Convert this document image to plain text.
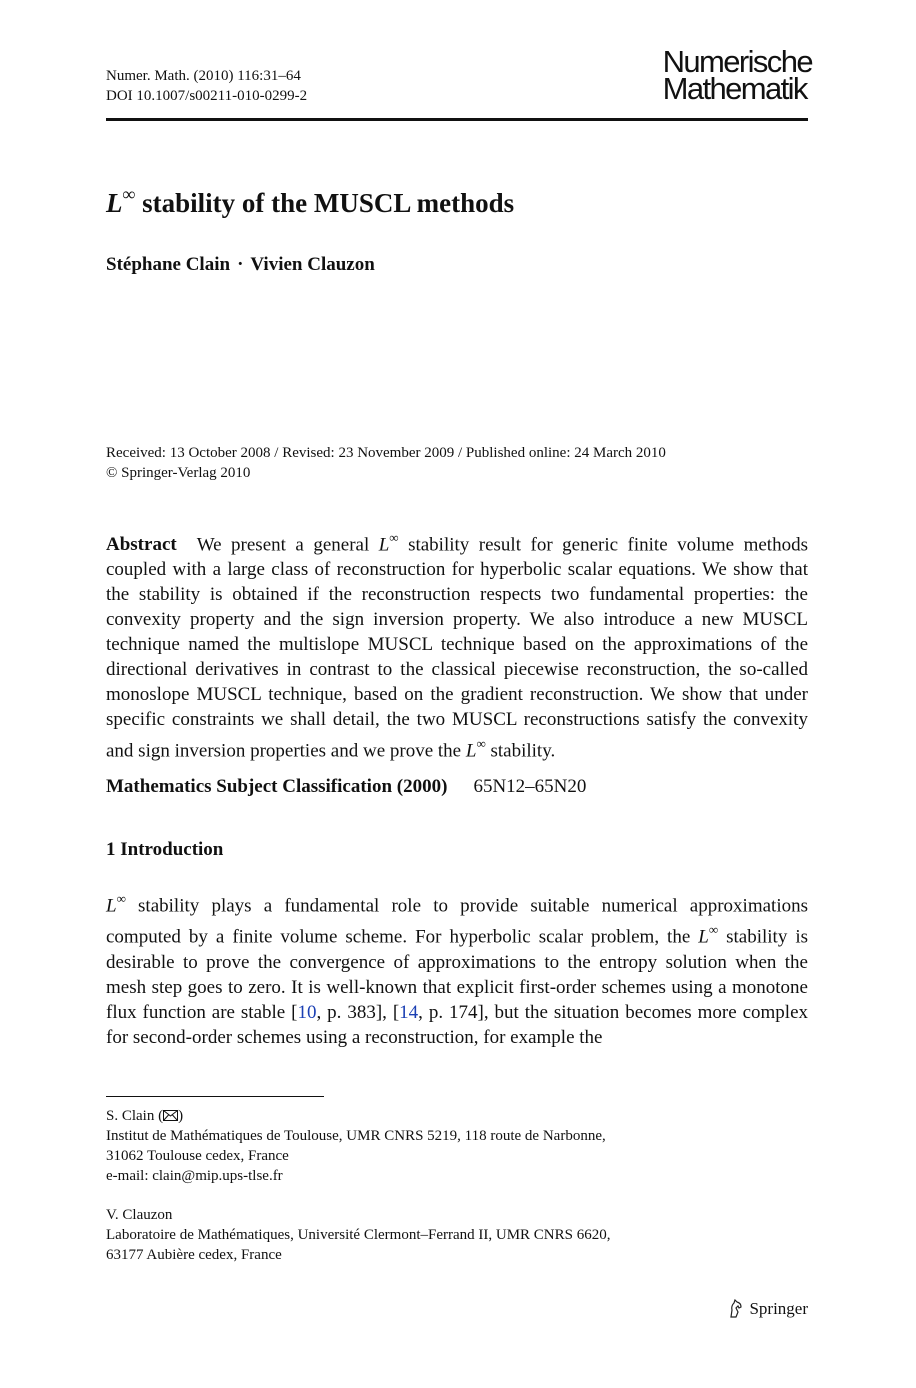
Numer. Math. (2010) 116:31–64
DOI 10.1007/s00211-010-0299-2
Numerische
Mathematik
L∞ stability of the MUSCL methods
Stéphane Clain · Vivien Clauzon
Received: 13 October 2008 / Revised: 23 November 2009 / Published online: 24 March 2010
© Springer-Verlag 2010
Abstract We present a general L∞ stability result for generic finite volume methods coupled with a large class of reconstruction for hyperbolic scalar equations. We show that the stability is obtained if the reconstruction respects two fundamental properties: the convexity property and the sign inversion property. We also introduce a new MUSCL technique named the multislope MUSCL technique based on the approximations of the directional derivatives in contrast to the classical piecewise reconstruction, the so-called monoslope MUSCL technique, based on the gradient reconstruction. We show that under specific constraints we shall detail, the two MUSCL reconstructions satisfy the convexity and sign inversion properties and we prove the L∞ stability.
Mathematics Subject Classification (2000) 65N12–65N20
1 Introduction
L∞ stability plays a fundamental role to provide suitable numerical approximations computed by a finite volume scheme. For hyperbolic scalar problem, the L∞ stability is desirable to prove the convergence of approximations to the entropy solution when the mesh step goes to zero. It is well-known that explicit first-order schemes using a monotone flux function are stable [10, p. 383], [14, p. 174], but the situation becomes more complex for second-order schemes using a reconstruction, for example the
S. Clain ( )
Institut de Mathématiques de Toulouse, UMR CNRS 5219, 118 route de Narbonne,
31062 Toulouse cedex, France
e-mail: clain@mip.ups-tlse.fr
V. Clauzon
Laboratoire de Mathématiques, Université Clermont–Ferrand II, UMR CNRS 6620,
63177 Aubière cedex, France
Springer
